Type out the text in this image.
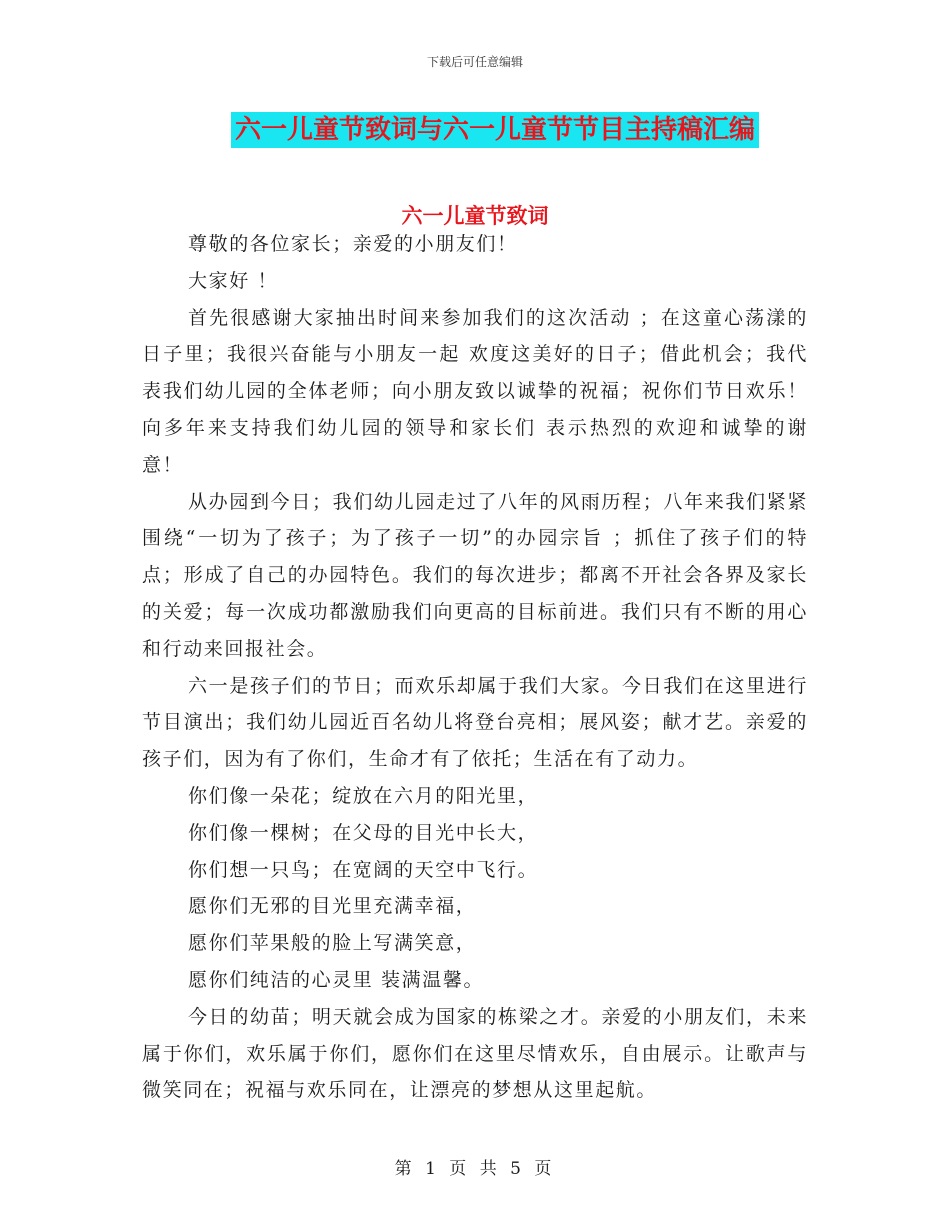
下载后可任意编辑
六一儿童节致词与六一儿童节节目主持稿汇编
六一儿童节致词

尊敬的各位家长；亲爱的小朋友们！

大家好 ！

首先很感谢大家抽出时间来参加我们的这次活动 ；在这童心荡漾的日子里；我很兴奋能与小朋友一起 欢度这美好的日子；借此机会；我代表我们幼儿园的全体老师；向小朋友致以诚挚的祝福；祝你们节日欢乐！向多年来支持我们幼儿园的领导和家长们 表示热烈的欢迎和诚挚的谢意！

从办园到今日；我们幼儿园走过了八年的风雨历程；八年来我们紧紧围绕“一切为了孩子；为了孩子一切”的办园宗旨 ；抓住了孩子们的特点；形成了自己的办园特色。我们的每次进步；都离不开社会各界及家长的关爱；每一次成功都激励我们向更高的目标前进。我们只有不断的用心和行动来回报社会。

六一是孩子们的节日；而欢乐却属于我们大家。今日我们在这里进行节目演出；我们幼儿园近百名幼儿将登台亮相；展风姿；献才艺。亲爱的孩子们，因为有了你们，生命才有了依托；生活在有了动力。

你们像一朵花；绽放在六月的阳光里，

你们像一棵树；在父母的目光中长大，

你们想一只鸟；在宽阔的天空中飞行。

愿你们无邪的目光里充满幸福，

愿你们苹果般的脸上写满笑意，

愿你们纯洁的心灵里 装满温馨。

今日的幼苗；明天就会成为国家的栋梁之才。亲爱的小朋友们，未来属于你们，欢乐属于你们，愿你们在这里尽情欢乐，自由展示。让歌声与微笑同在；祝福与欢乐同在，让漂亮的梦想从这里起航。

第 1 页 共 5 页
